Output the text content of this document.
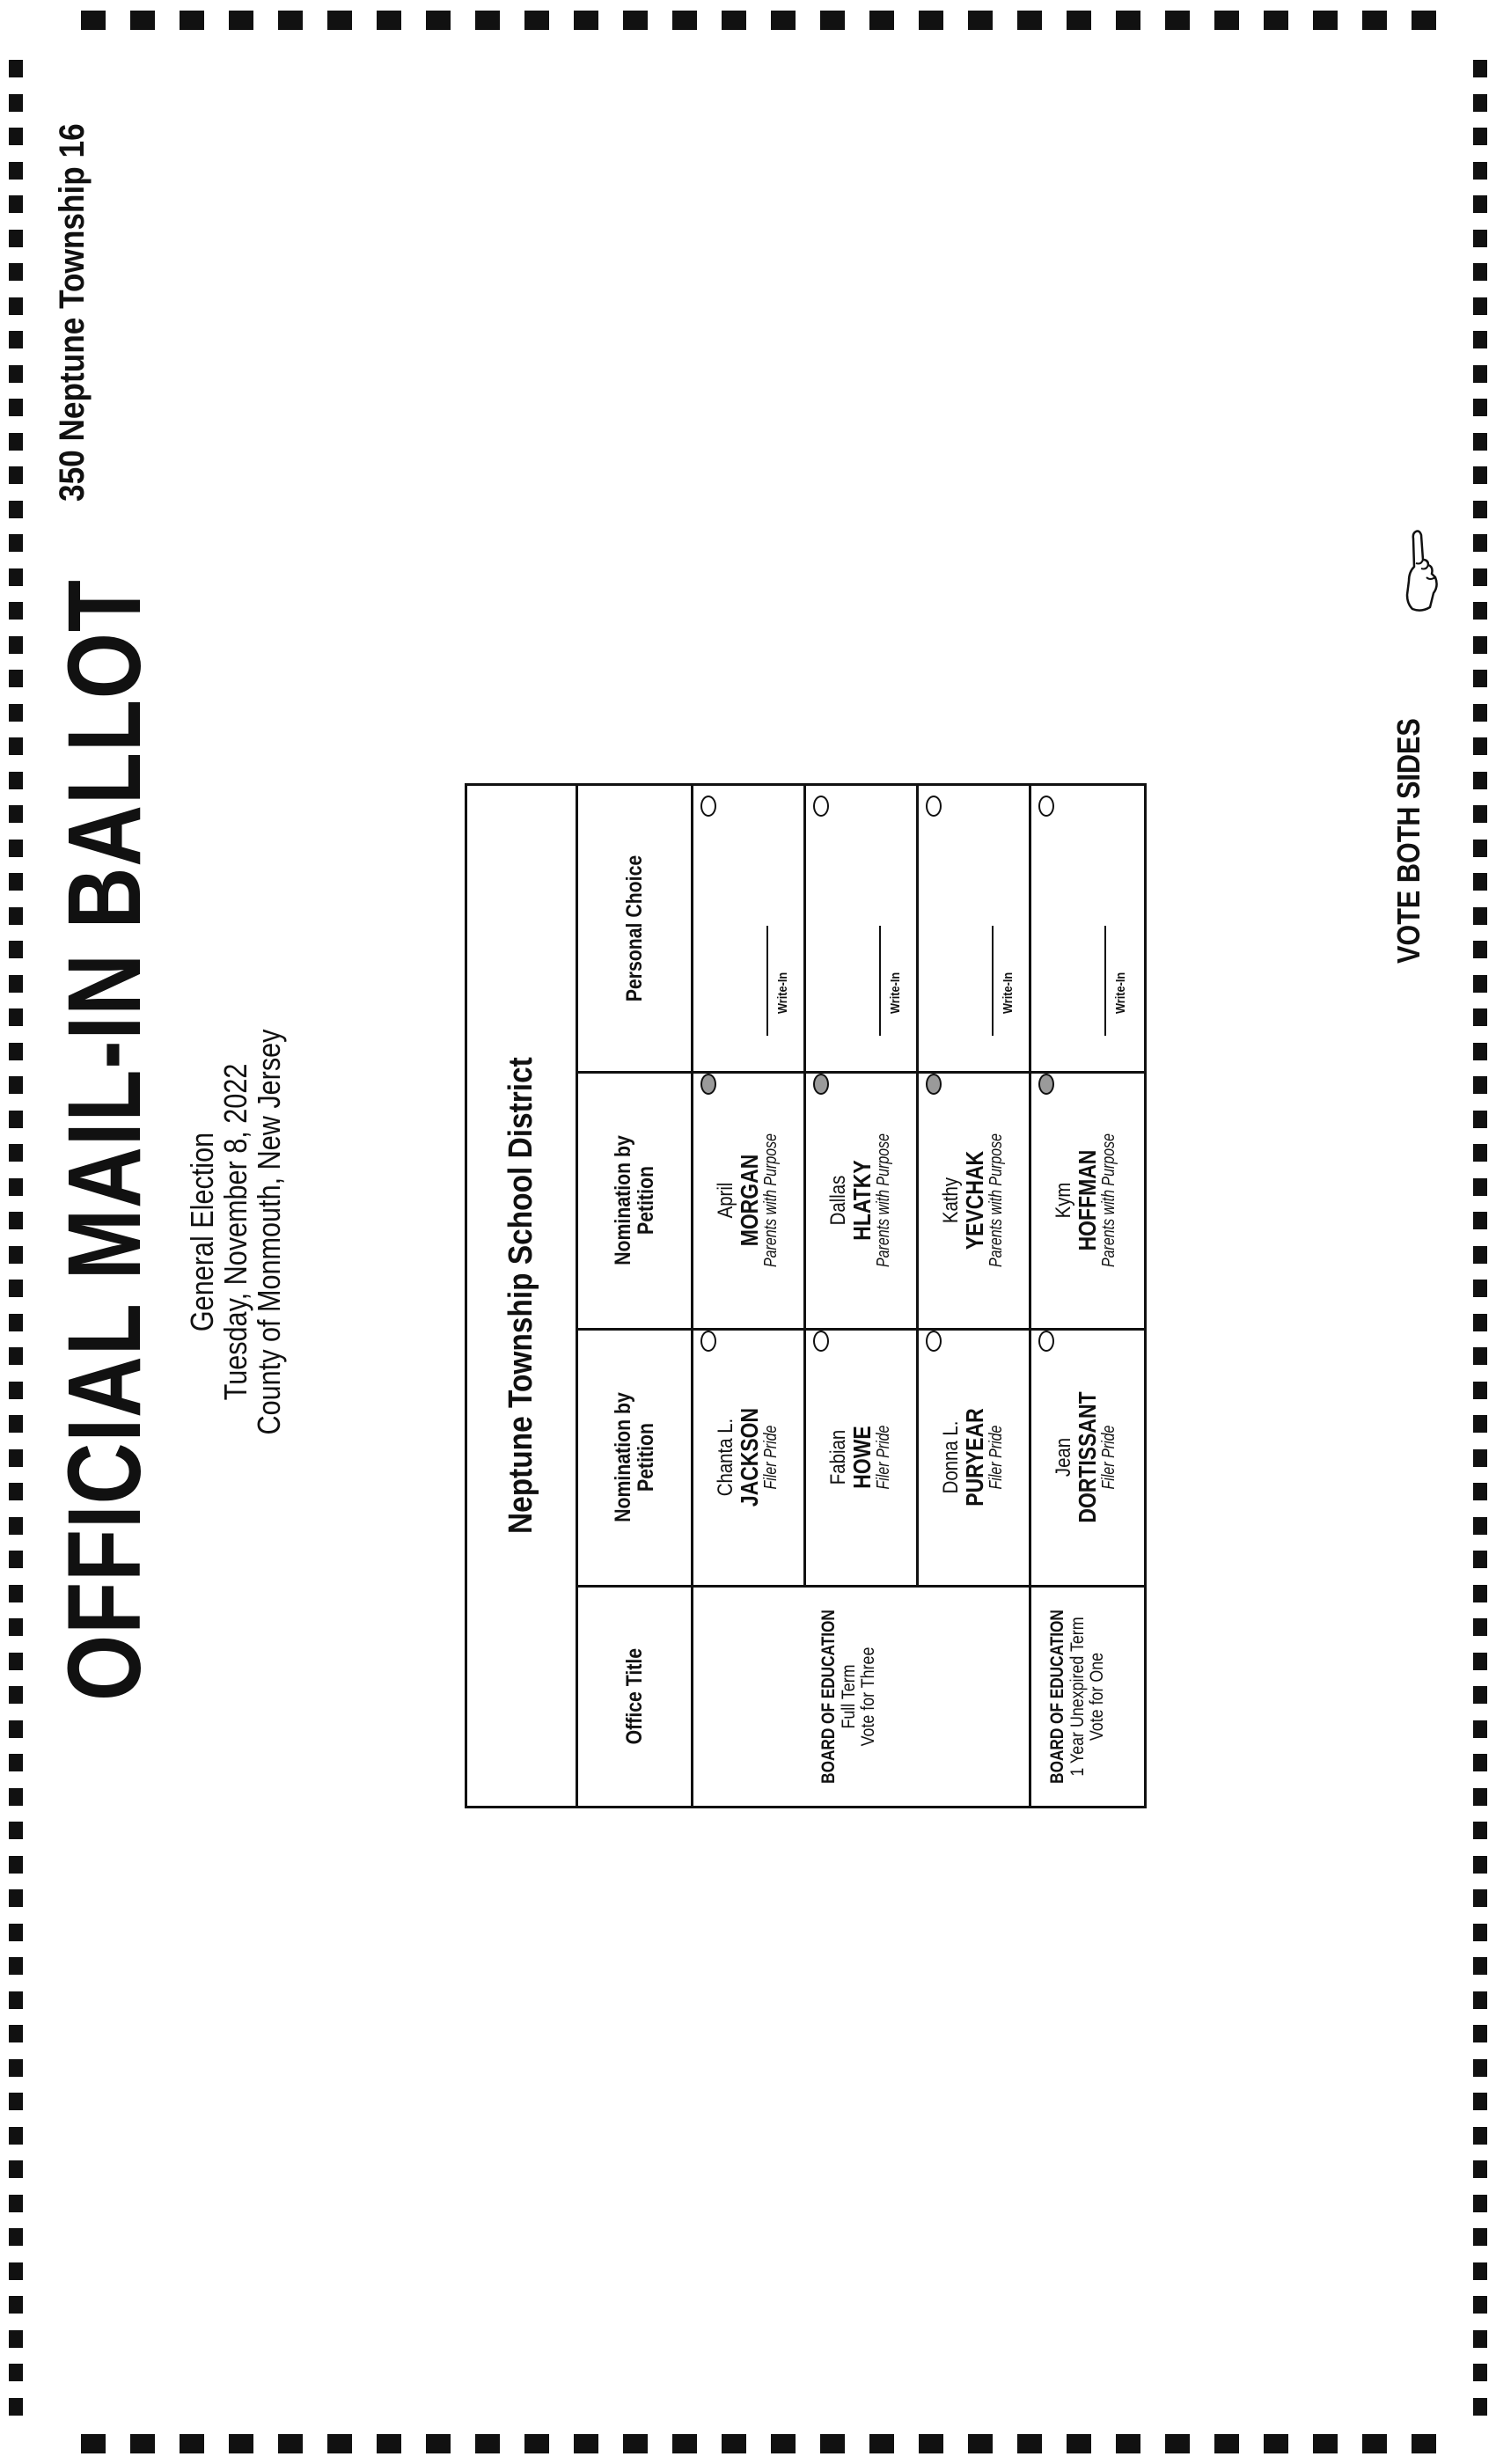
OFFICIAL MAIL-IN BALLOT General Election
Tuesday, November 8, 2022
County of Monmouth, New Jersey
350 Neptune Township 16
Neptune Township School District
Office Title
Nomination by Petition
Nomination by Petition
Personal Choice
BOARD OF EDUCATION Full Term Vote for Three	BOARD OF EDUCATION 1 Year Unexpired Term Vote for One
Chanta L.
JACKSON
Filer Pride
April
MORGAN
Parents with Purpose
Write-In
Fabian
HOWE
Filer Pride
Dallas
HLATKY
Parents with Purpose
Write-In
Donna L.
PURYEAR
Filer Pride
Kathy
YEVCHAK
Parents with Purpose
Write-In
Jean
DORTISSANT
Filer Pride
Kym
HOFFMAN
Parents with Purpose
Write-In
VOTE BOTH SIDES
